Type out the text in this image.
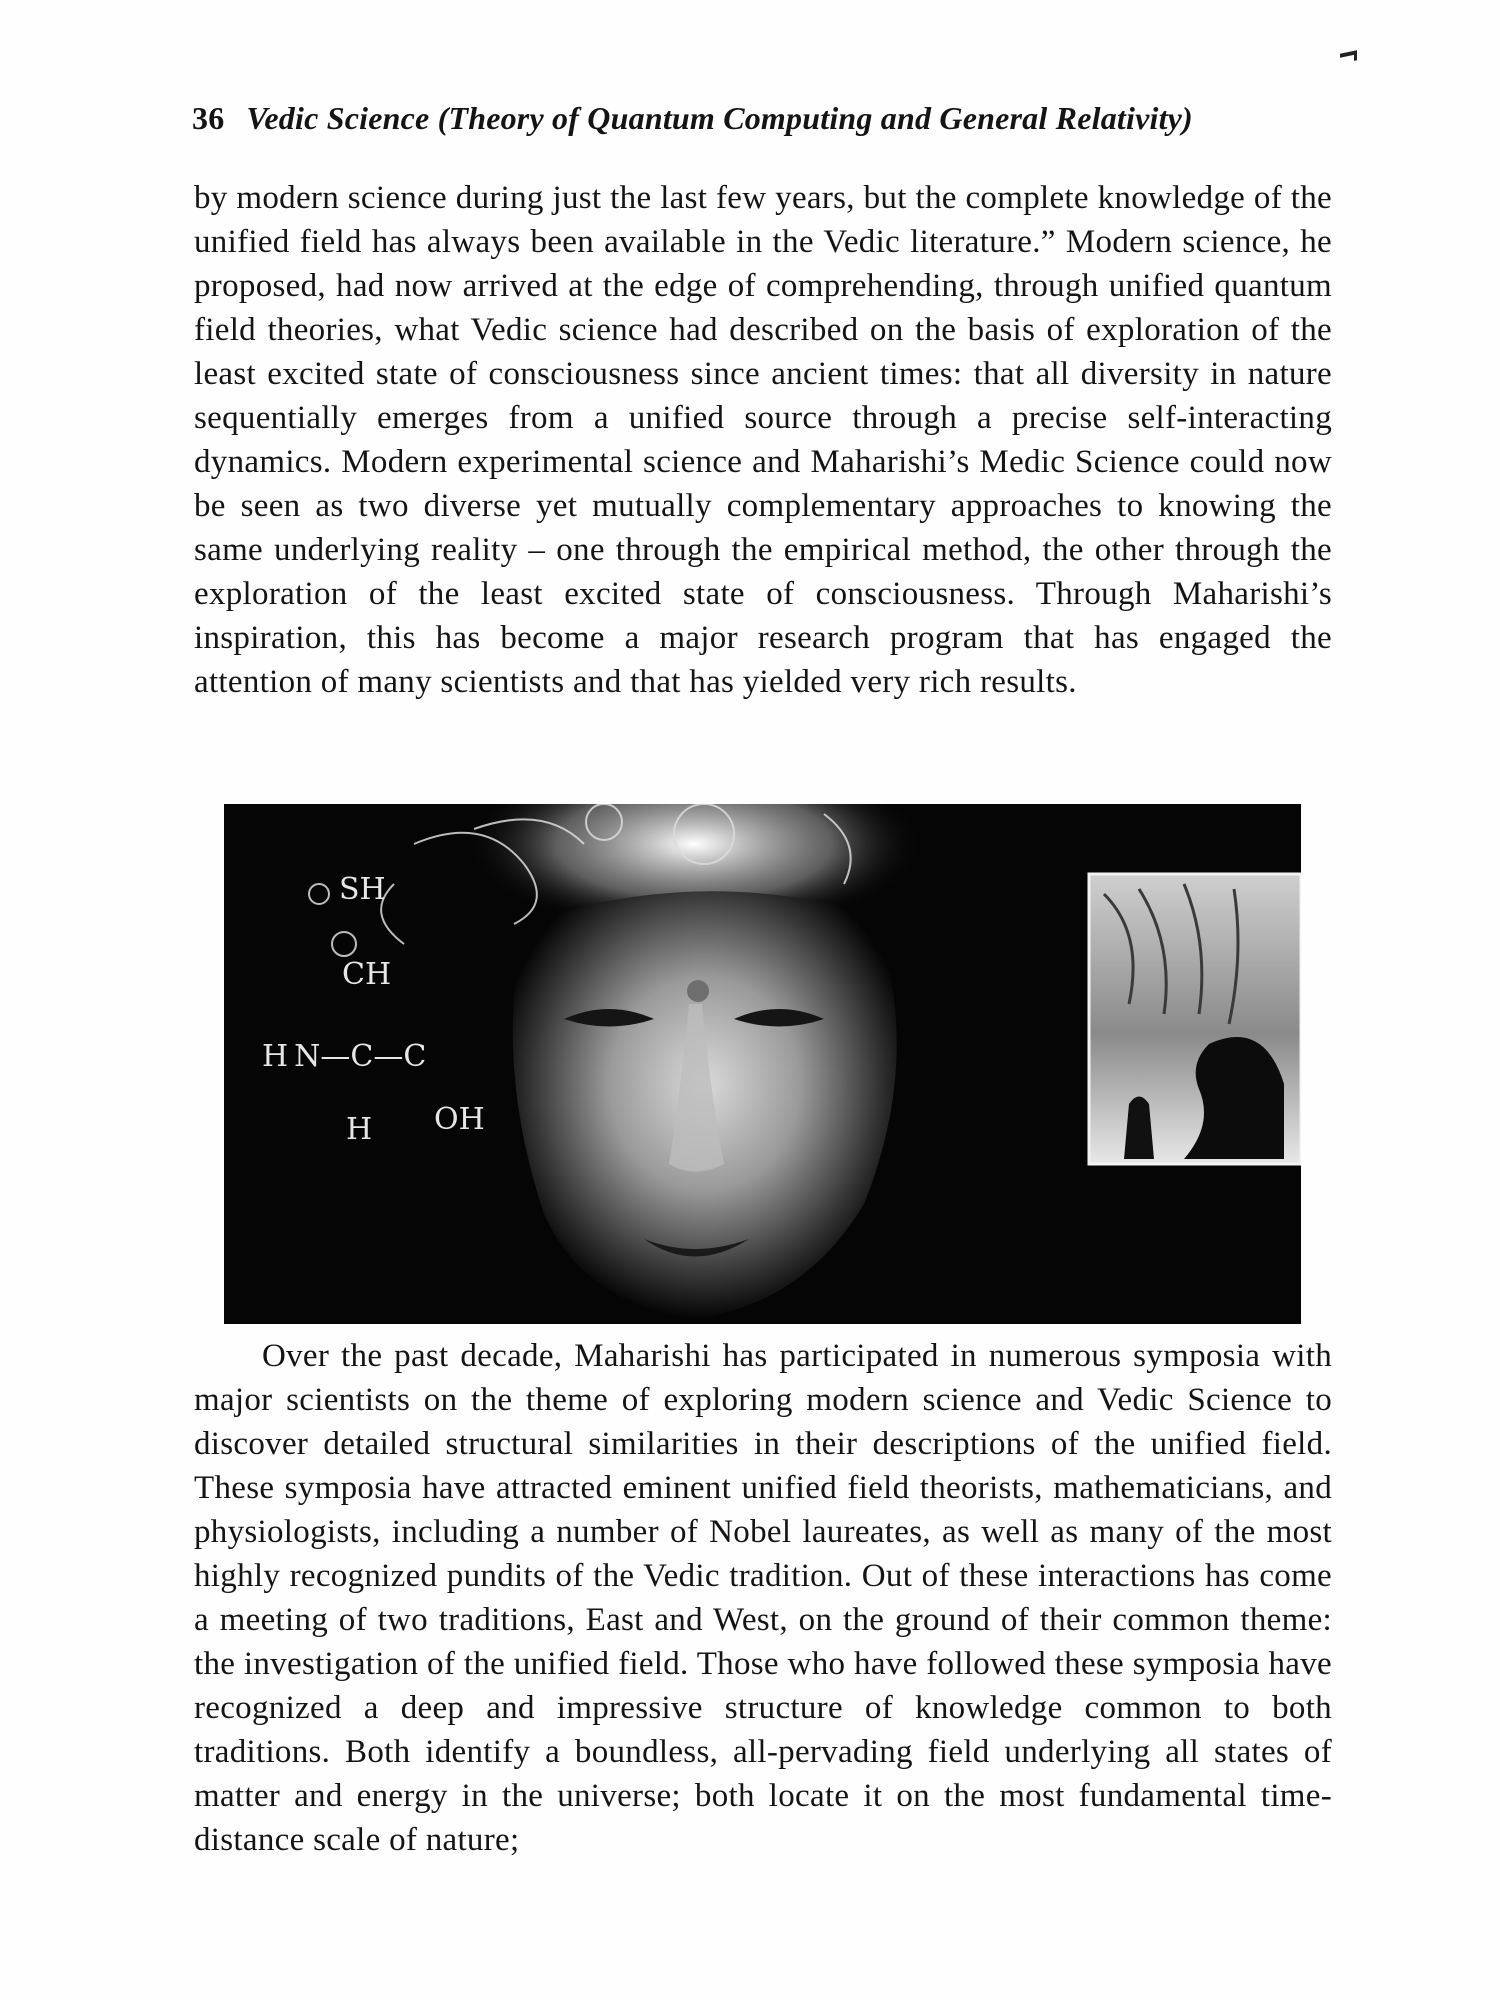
36 Vedic Science (Theory of Quantum Computing and General Relativity)

by modern science during just the last few years, but the complete knowledge of the unified field has always been available in the Vedic literature.” Modern science, he proposed, had now arrived at the edge of comprehending, through unified quantum field theories, what Vedic science had described on the basis of exploration of the least excited state of consciousness since ancient times: that all diversity in nature sequentially emerges from a unified source through a precise self-interacting dynamics. Modern experimental science and Maharishi’s Medic Science could now be seen as two diverse yet mutually complementary approaches to knowing the same underlying reality – one through the empirical method, the other through the exploration of the least excited state of consciousness. Through Maharishi’s inspiration, this has become a major research program that has engaged the attention of many scientists and that has yielded very rich results.

SH
CH
H N—C—C
H OH

Over the past decade, Maharishi has participated in numerous symposia with major scientists on the theme of exploring modern science and Vedic Science to discover detailed structural similarities in their descriptions of the unified field. These symposia have attracted eminent unified field theorists, mathematicians, and physiologists, including a number of Nobel laureates, as well as many of the most highly recognized pundits of the Vedic tradition. Out of these interactions has come a meeting of two traditions, East and West, on the ground of their common theme: the investigation of the unified field. Those who have followed these symposia have recognized a deep and impressive structure of knowledge common to both traditions. Both identify a boundless, all-pervading field underlying all states of matter and energy in the universe; both locate it on the most fundamental time-distance scale of nature;
